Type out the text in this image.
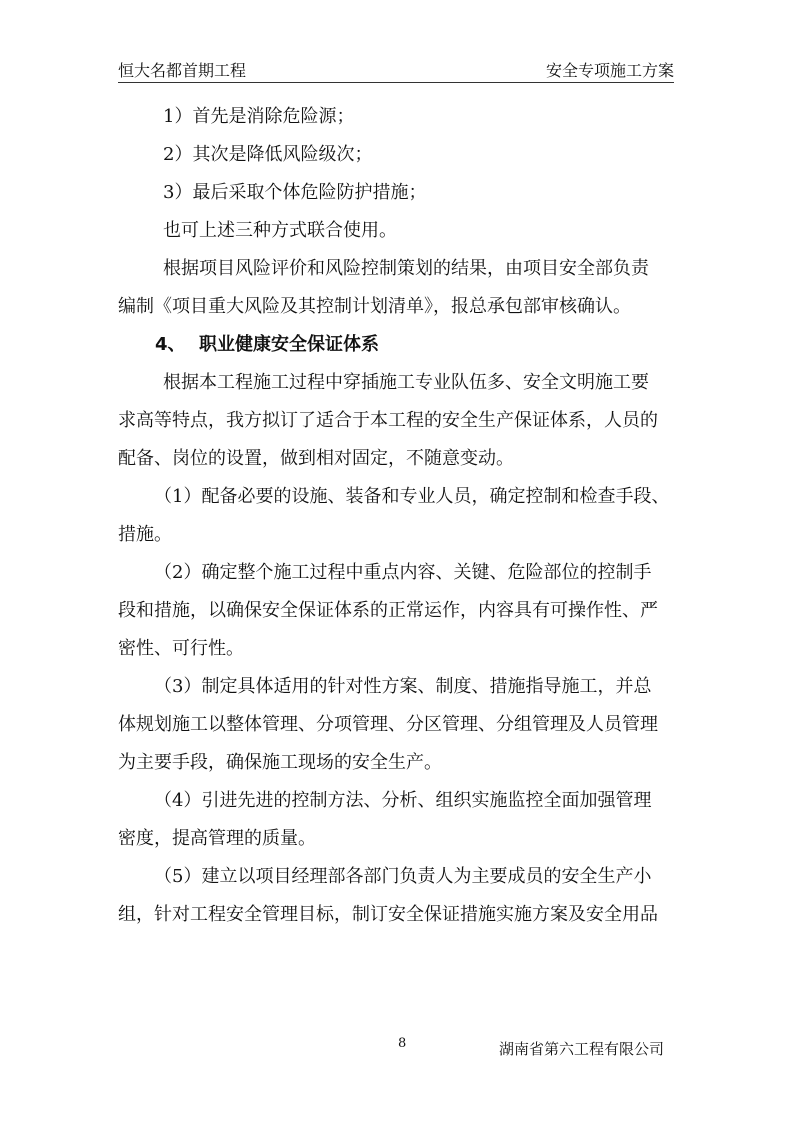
恒大名都首期工程	安全专项施工方案
1）首先是消除危险源；
2）其次是降低风险级次；
3）最后采取个体危险防护措施；
也可上述三种方式联合使用。
根据项目风险评价和风险控制策划的结果，由项目安全部负责
编制《项目重大风险及其控制计划清单》，报总承包部审核确认。
4、 职业健康安全保证体系
根据本工程施工过程中穿插施工专业队伍多、安全文明施工要
求高等特点，我方拟订了适合于本工程的安全生产保证体系，人员的
配备、岗位的设置，做到相对固定，不随意变动。
（1）配备必要的设施、装备和专业人员，确定控制和检查手段、
措施。
（2）确定整个施工过程中重点内容、关键、危险部位的控制手
段和措施，以确保安全保证体系的正常运作，内容具有可操作性、严
密性、可行性。
（3）制定具体适用的针对性方案、制度、措施指导施工，并总
体规划施工以整体管理、分项管理、分区管理、分组管理及人员管理
为主要手段，确保施工现场的安全生产。
（4）引进先进的控制方法、分析、组织实施监控全面加强管理
密度，提高管理的质量。
（5）建立以项目经理部各部门负责人为主要成员的安全生产小
组，针对工程安全管理目标，制订安全保证措施实施方案及安全用品
8	湖南省第六工程有限公司
